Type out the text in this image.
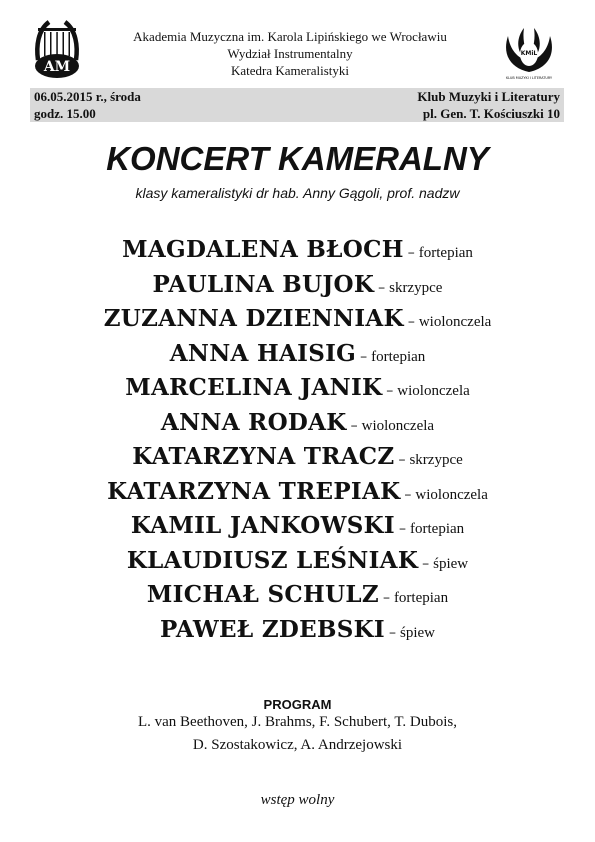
AM
Akademia Muzyczna im. Karola Lipińskiego we Wrocławiu
Wydział Instrumentalny
Katedra Kameralistyki
KMiL
KLUB MUZYKI I LITERATURY
06.05.2015 r., środa
godz. 15.00
Klub Muzyki i Literatury
pl. Gen. T. Kościuszki 10
KONCERT KAMERALNY
klasy kameralistyki dr hab. Anny Gągoli, prof. nadzw
MAGDALENA BŁOCH – fortepian
PAULINA BUJOK – skrzypce
ZUZANNA DZIENNIAK – wiolonczela
ANNA HAISIG – fortepian
MARCELINA JANIK – wiolonczela
ANNA RODAK – wiolonczela
KATARZYNA TRACZ – skrzypce
KATARZYNA TREPIAK – wiolonczela
KAMIL JANKOWSKI – fortepian
KLAUDIUSZ LEŚNIAK – śpiew
MICHAŁ SCHULZ – fortepian
PAWEŁ ZDEBSKI – śpiew
PROGRAM
L. van Beethoven, J. Brahms, F. Schubert, T. Dubois,
D. Szostakowicz, A. Andrzejowski
wstęp wolny
